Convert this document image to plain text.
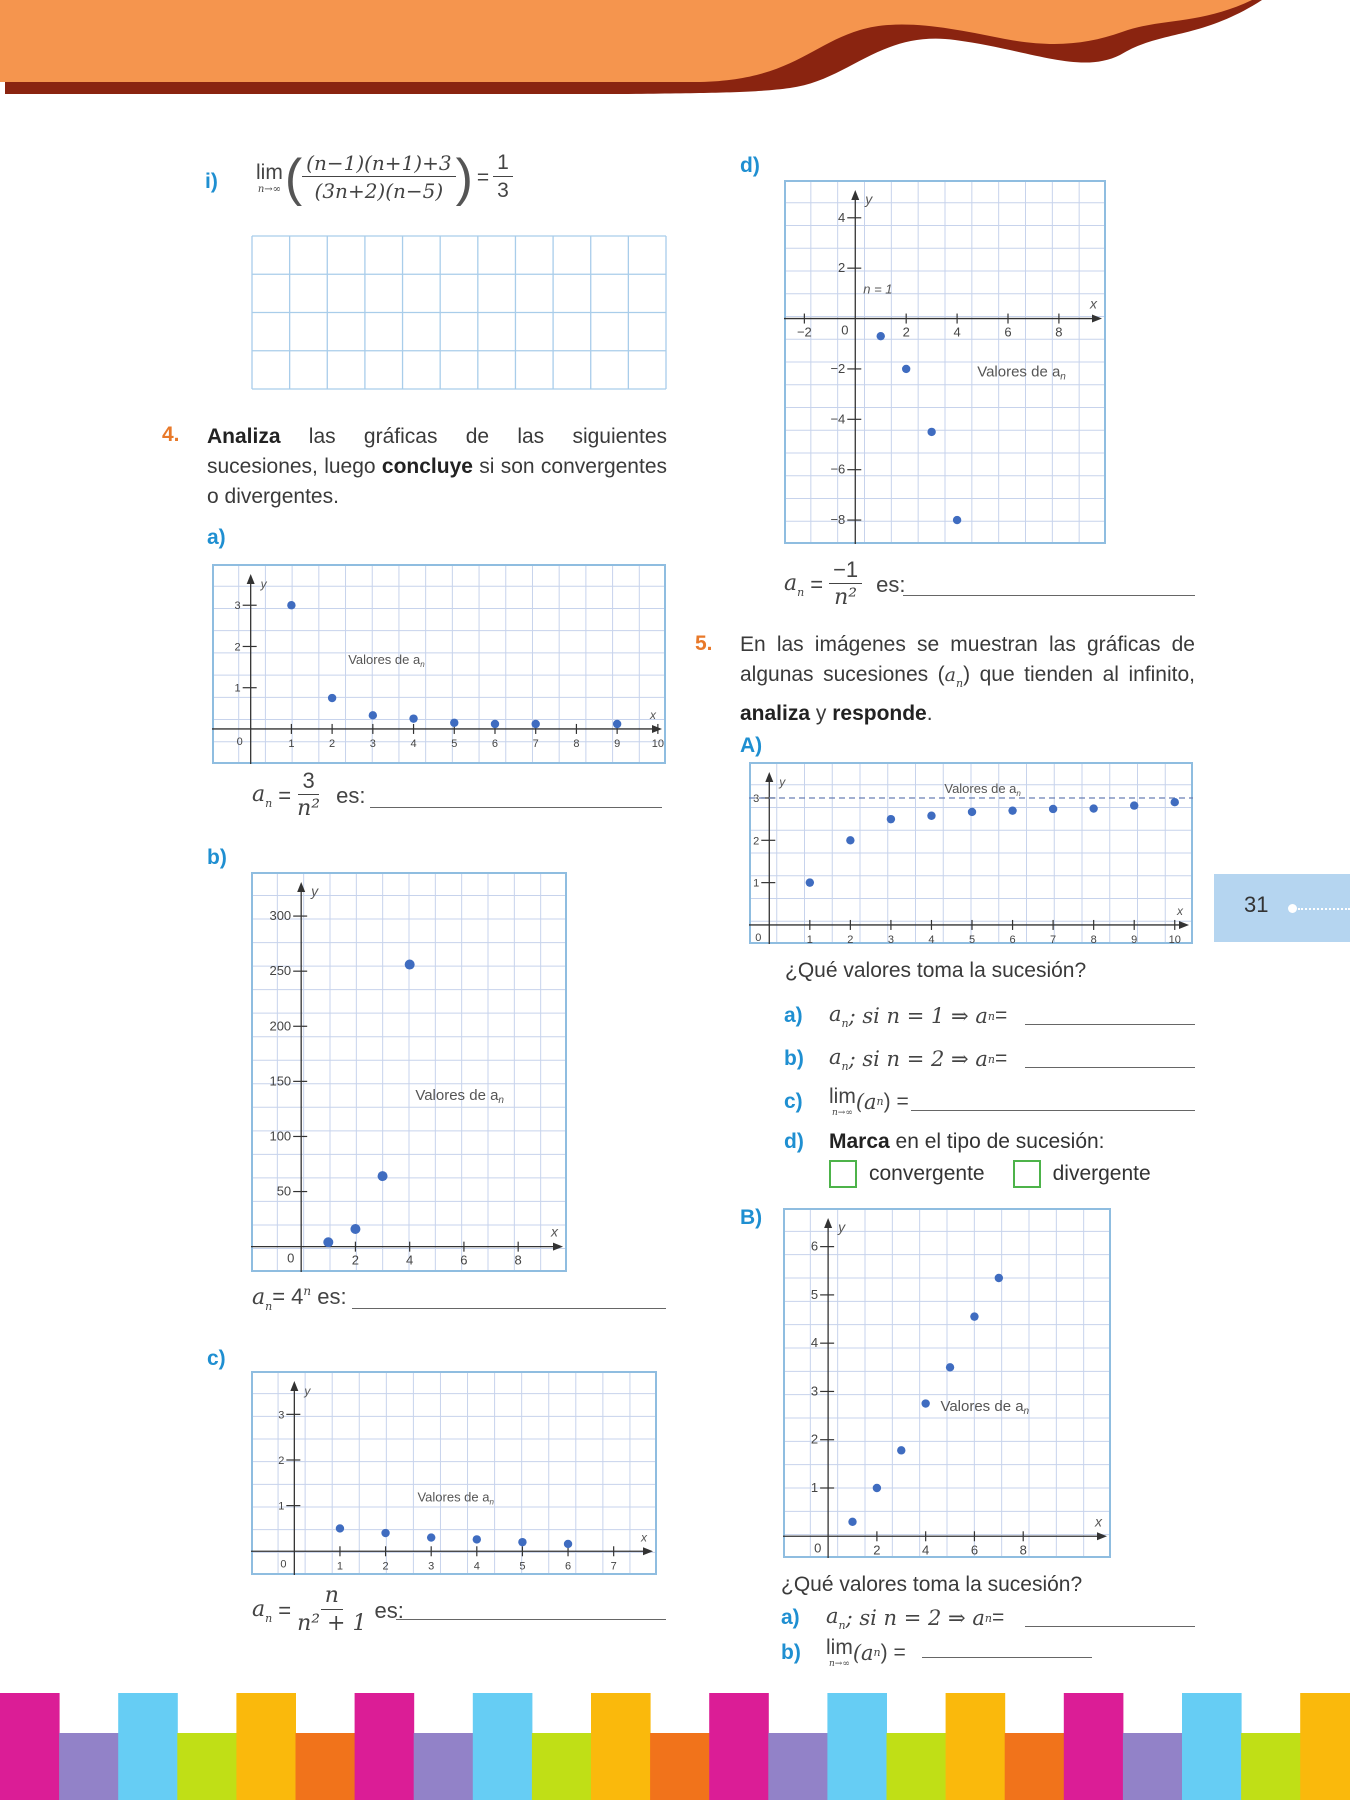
i) lim
n→∞ ( $\frac{(n-1)(n+1)+3}{(3n+2)(n-5)}$ ) = $\frac{1}{3}$
4. Analiza las gráficas de las siguientes sucesiones, luego concluye si son convergentes o divergentes.
a)
x
y
0	1	2	3	4	5	6	7	8	9	10
1
2
3
Valores de $a_n$
$a_n = \frac{3}{\text{n²}}$ es:
b)
x
y
0	2	4	6	8
50
100
150
200
250
300
Valores de $a_n$
$a_n= 4^n$ es:
c)
x
y
0	1	2	3	4	5	6	7
1
2
3
Valores de $a_n$
$a_n = \frac{n}{\text{n² + 1}}$ es:
d)
x
y
0
−2	2	4	6	8
4
2
−2
−4
−6
−8
Valores de $a_n$
n = 1
$a_n = \frac{-1}{\text{n²}}$ es:
5. En las imágenes se muestran las gráficas de algunas sucesiones $(a_n)$ que tienden al infinito, analiza y responde.
A)
x
y
0	1	2	3	4	5	6	7	8	9	10
1
2
3
Valores de $a_n$
¿Qué valores toma la sucesión?
a)	$a_n$ ; si n = 1 ⇒ a n =
b)	$a_n$ ; si n = 2 ⇒ a n =
c)	lim
n→∞ (a n ) =
d) Marca en el tipo de sucesión:
convergente	divergente
B)
x
y
0	2	4	6	8
1
2
3
4
5
6
Valores de $a_n$
¿Qué valores toma la sucesión?
a)	$a_n$ ; si n = 2 ⇒ a n =
b)	lim
n→∞ (a n ) =
31
